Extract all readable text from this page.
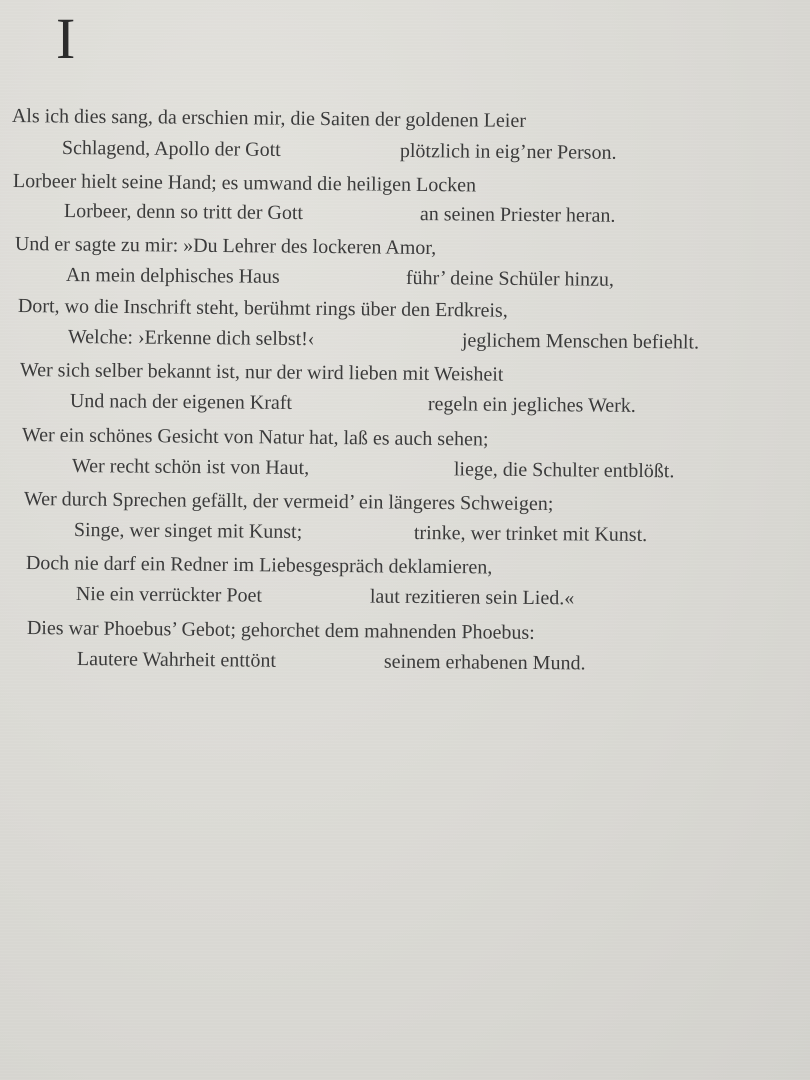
I
Als ich dies sang, da erschien mir, die Saiten der goldenen Leier
Schlagend, Apollo der Gott	plötzlich in eig’ner Person.
Lorbeer hielt seine Hand; es umwand die heiligen Locken
Lorbeer, denn so tritt der Gott	an seinen Priester heran.
Und er sagte zu mir: »Du Lehrer des lockeren Amor,
An mein delphisches Haus	führ’ deine Schüler hinzu,
Dort, wo die Inschrift steht, berühmt rings über den Erdkreis,
Welche: ›Erkenne dich selbst!‹	jeglichem Menschen befiehlt.
Wer sich selber bekannt ist, nur der wird lieben mit Weisheit
Und nach der eigenen Kraft	regeln ein jegliches Werk.
Wer ein schönes Gesicht von Natur hat, laß es auch sehen;
Wer recht schön ist von Haut,	liege, die Schulter entblößt.
Wer durch Sprechen gefällt, der vermeid’ ein längeres Schweigen;
Singe, wer singet mit Kunst;	trinke, wer trinket mit Kunst.
Doch nie darf ein Redner im Liebesgespräch deklamieren,
Nie ein verrückter Poet	laut rezitieren sein Lied.«
Dies war Phoebus’ Gebot; gehorchet dem mahnenden Phoebus:
Lautere Wahrheit enttönt	seinem erhabenen Mund.
